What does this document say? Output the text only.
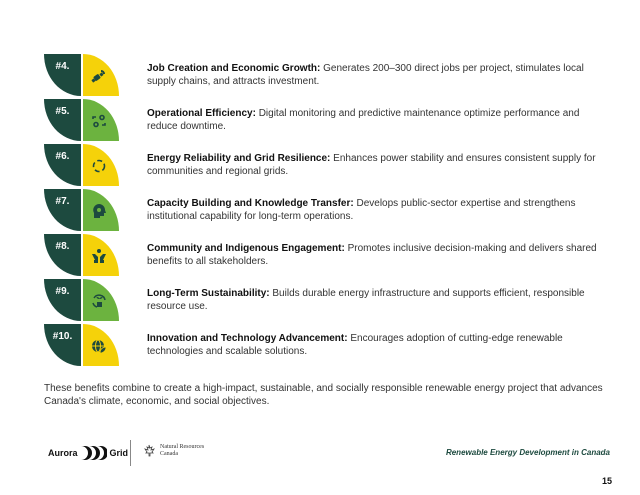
#4.	Job Creation and Economic Growth: Generates 200–300 direct jobs per project, stimulates local supply chains, and attracts investment.
#5.	Operational Efficiency: Digital monitoring and predictive maintenance optimize performance and reduce downtime.
#6.	Energy Reliability and Grid Resilience: Enhances power stability and ensures consistent supply for communities and regional grids.
#7.	Capacity Building and Knowledge Transfer: Develops public-sector expertise and strengthens institutional capability for long-term operations.
#8.	Community and Indigenous Engagement: Promotes inclusive decision-making and delivers shared benefits to all stakeholders.
#9.	Long-Term Sustainability: Builds durable energy infrastructure and supports efficient, responsible resource use.
#10.	Innovation and Technology Advancement: Encourages adoption of cutting-edge renewable technologies and scalable solutions.
These benefits combine to create a high-impact, sustainable, and socially responsible renewable energy project that advances Canada's climate, economic, and social objectives.
Aurora	Grid
Natural Resources
Canada	Renewable Energy Development in Canada
15
